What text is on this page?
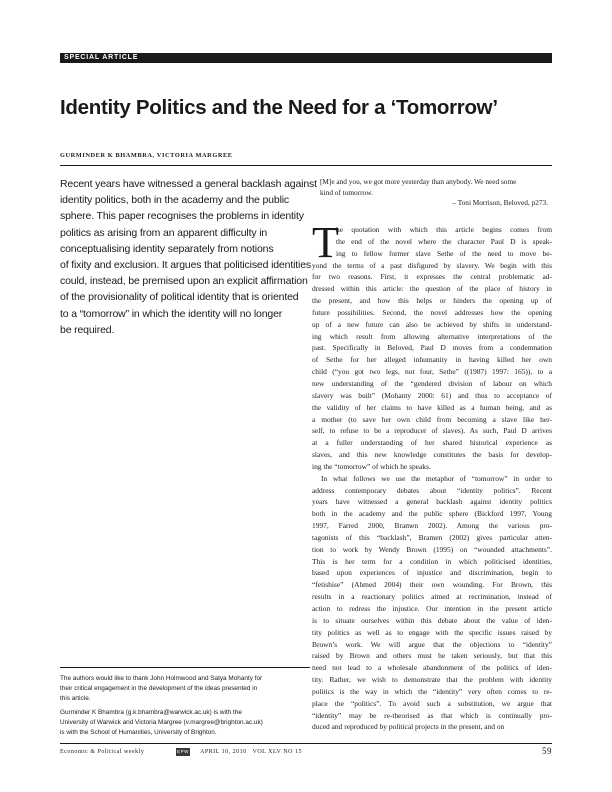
SPECIAL ARTICLE
Identity Politics and the Need for a ‘Tomorrow’
GURMINDER K BHAMBRA, VICTORIA MARGREE
Recent years have witnessed a general backlash against
identity politics, both in the academy and the public
sphere. This paper recognises the problems in identity
politics as arising from an apparent difficulty in
conceptualising identity separately from notions
of fixity and exclusion. It argues that politicised identities
could, instead, be premised upon an explicit affirmation
of the provisionality of political identity that is oriented
to a “tomorrow” in which the identity will no longer
be required.
The authors would like to thank John Holmwood and Satya Mohanty for
their critical engagement in the development of the ideas presented in
this article.
Gurminder K Bhambra (g.k.bhambra@warwick.ac.uk) is with the
University of Warwick and Victoria Margree (v.margree@brighton.ac.uk)
is with the School of Humanities, University of Brighton.
[M]e and you, we got more yesterday than anybody. We need some
kind of tomorrow.
– Toni Morrison, Beloved, p273.
T
he quotation with which this article begins comes from
the end of the novel where the character Paul D is speak-
ing to fellow former slave Sethe of the need to move be-
yond the terms of a past disfigured by slavery. We begin with this
for two reasons. First, it expresses the central problematic ad-
dressed within this article: the question of the place of history in
the present, and how this helps or hinders the opening up of
future possibilities. Second, the novel addresses how the opening
up of a new future can also be achieved by shifts in understand-
ing which result from allowing alternative interpretations of the
past. Specifically in Beloved, Paul D moves from a condemnation
of Sethe for her alleged inhumanity in having killed her own
child (“you got two legs, not four, Sethe” ((1987) 1997: 165)), to a
new understanding of the “gendered division of labour on which
slavery was built” (Mohanty 2000: 61) and thus to acceptance of
the validity of her claims to have killed as a human being, and as
a mother (to save her own child from becoming a slave like her-
self, to refuse to be a reproducer of slaves). As such, Paul D arrives
at a fuller understanding of her shared historical experience as
slaves, and this new knowledge constitutes the basis for develop-
ing the “tomorrow” of which he speaks.
In what follows we use the metaphor of “tomorrow” in order to
address contemporary debates about “identity politics”. Recent
years have witnessed a general backlash against identity politics
both in the academy and the public sphere (Bickford 1997, Young
1997, Farred 2000, Bramen 2002). Among the various pro-
tagonists of this “backlash”, Bramen (2002) gives particular atten-
tion to work by Wendy Brown (1995) on “wounded attachments”.
This is her term for a condition in which politicised identities,
based upon experiences of injustice and discrimination, begin to
“fetishise” (Ahmed 2004) their own wounding. For Brown, this
results in a reactionary politics aimed at recrimination, instead of
action to redress the injustice. Our intention in the present article
is to situate ourselves within this debate about the value of iden-
tity politics as well as to engage with the specific issues raised by
Brown’s work. We will argue that the objections to “identity”
raised by Brown and others must be taken seriously, but that this
need not lead to a wholesale abandonment of the politics of iden-
tity. Rather, we wish to demonstrate that the problem with identity
politics is the way in which the “identity” very often comes to re-
place the “politics”. To avoid such a substitution, we argue that
“identity” may be re-theorised as that which is continually pro-
duced and reproduced by political projects in the present, and on
Economic & Political weekly	EPW APRIL 10, 2010   VOL XLV NO 15	59
